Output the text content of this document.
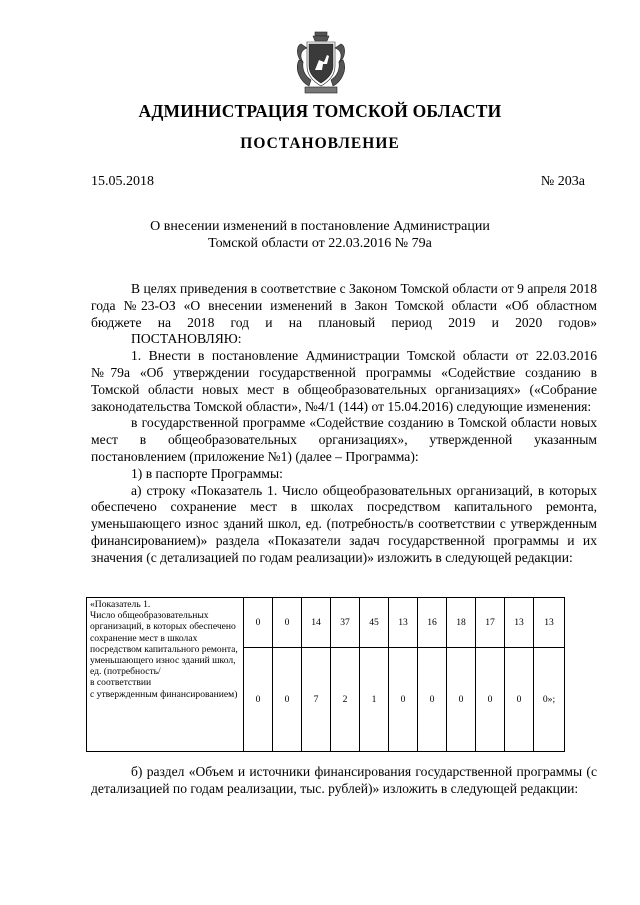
АДМИНИСТРАЦИЯ ТОМСКОЙ ОБЛАСТИ
ПОСТАНОВЛЕНИЕ
15.05.2018	№ 203а
О внесении изменений в постановление Администрации
Томской области от 22.03.2016 № 79а

В целях приведения в соответствие с Законом Томской области от 9 апреля 2018 года №23-ОЗ «О внесении изменений в Закон Томской области «Об областном бюджете на 2018 год и на плановый период 2019 и 2020 годов»

ПОСТАНОВЛЯЮ:

1. Внести в постановление Администрации Томской области от 22.03.2016 №79а «Об утверждении государственной программы «Содействие созданию в Томской области новых мест в общеобразовательных организациях» («Собрание законодательства Томской области», №4/1 (144) от 15.04.2016) следующие изменения:

в государственной программе «Содействие созданию в Томской области новых мест в общеобразовательных организациях», утвержденной указанным постановлением (приложение №1) (далее – Программа):

1) в паспорте Программы:

а) строку «Показатель 1. Число общеобразовательных организаций, в которых обеспечено сохранение мест в школах посредством капитального ремонта, уменьшающего износ зданий школ, ед. (потребность/в соответствии с утвержденным финансированием)» раздела «Показатели задач государственной программы и их значения (с детализацией по годам реализации)» изложить в следующей редакции:

«Показатель 1.
Число общеобразовательных организаций, в которых обеспечено сохранение мест в школах посредством капитального ремонта, уменьшающего износ зданий школ, ед. (потребность/
в соответствии
с утвержденным финансированием)	0	0	14	37	45	13	16	18	17	13	13
	0	0	7	2	1	0	0	0	0	0	0»;

б) раздел «Объем и источники финансирования государственной программы (с детализацией по годам реализации, тыс. рублей)» изложить в следующей редакции:
